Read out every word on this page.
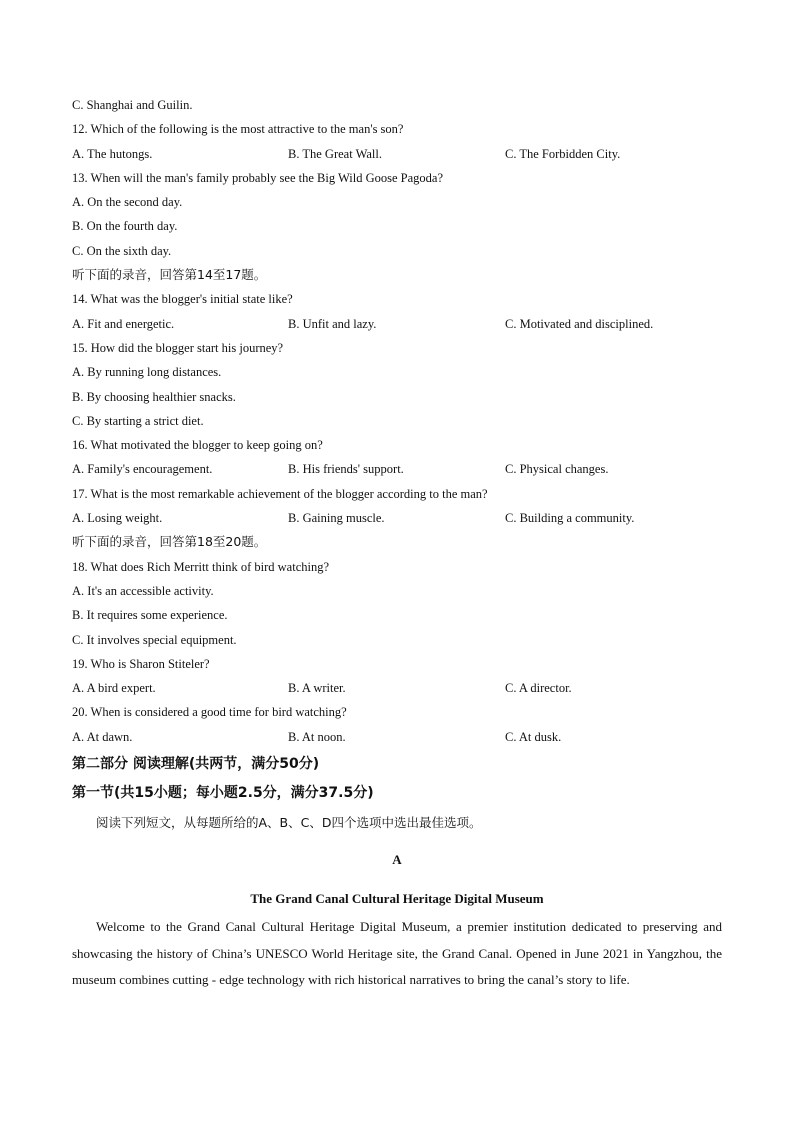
C. Shanghai and Guilin.
12. Which of the following is the most attractive to the man's son?
A. The hutongs.	B. The Great Wall.	C. The Forbidden City.
13. When will the man's family probably see the Big Wild Goose Pagoda?
A. On the second day.
B. On the fourth day.
C. On the sixth day.
听下面的录音，回答第14至17题。
14. What was the blogger's initial state like?
A. Fit and energetic.	B. Unfit and lazy.	C. Motivated and disciplined.
15. How did the blogger start his journey?
A. By running long distances.
B. By choosing healthier snacks.
C. By starting a strict diet.
16. What motivated the blogger to keep going on?
A. Family's encouragement.	B. His friends' support.	C. Physical changes.
17. What is the most remarkable achievement of the blogger according to the man?
A. Losing weight.	B. Gaining muscle.	C. Building a community.
听下面的录音，回答第18至20题。
18. What does Rich Merritt think of bird watching?
A. It's an accessible activity.
B. It requires some experience.
C. It involves special equipment.
19. Who is Sharon Stiteler?
A. A bird expert.	B. A writer.	C. A director.
20. When is considered a good time for bird watching?
A. At dawn.	B. At noon.	C. At dusk.
第二部分 阅读理解(共两节，满分50分)
第一节(共15小题；每小题2.5分，满分37.5分)
阅读下列短文，从每题所给的A、B、C、D四个选项中选出最佳选项。
A
The Grand Canal Cultural Heritage Digital Museum
Welcome to the Grand Canal Cultural Heritage Digital Museum, a premier institution dedicated to preserving and showcasing the history of China’s UNESCO World Heritage site, the Grand Canal. Opened in June 2021 in Yangzhou, the museum combines cutting - edge technology with rich historical narratives to bring the canal’s story to life.
